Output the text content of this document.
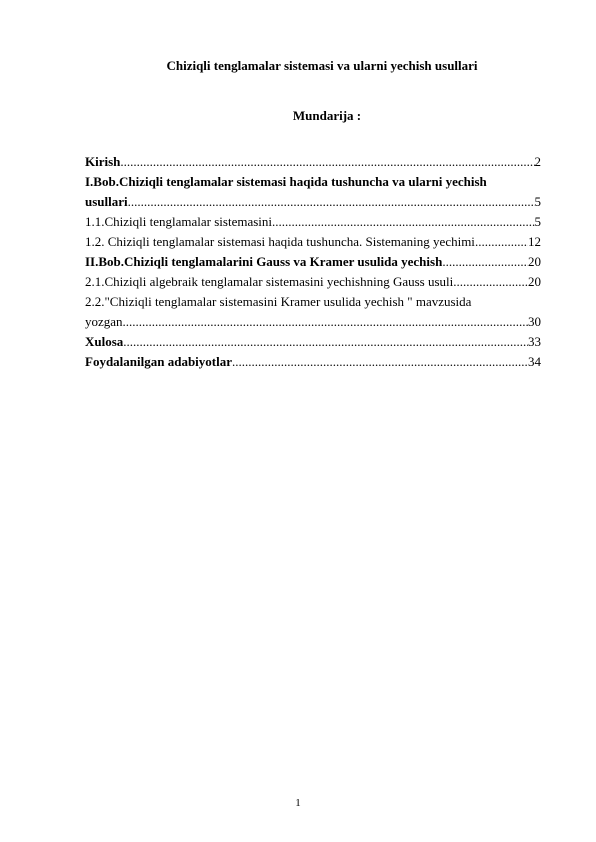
Chiziqli tenglamalar sistemasi va ularni yechish usullari

Mundarija :

Kirish .....	2
I.Bob.Chiziqli tenglamalar sistemasi haqida tushuncha va ularni yechish
usullari .....	5
1.1.Chiziqli tenglamalar sistemasini .....	5
1.2. Chiziqli tenglamalar sistemasi haqida tushuncha. Sistemaning yechimi .....	12
II.Bob.Chiziqli tenglamalarini Gauss va Kramer usulida yechish .....	20
2.1.Chiziqli algebraik tenglamalar sistemasini yechishning Gauss usuli .....	20
2.2."Chiziqli tenglamalar sistemasini Kramer usulida yechish " mavzusida
yozgan .....	30
Xulosa .....	33
Foydalanilgan adabiyotlar .....	34

1
